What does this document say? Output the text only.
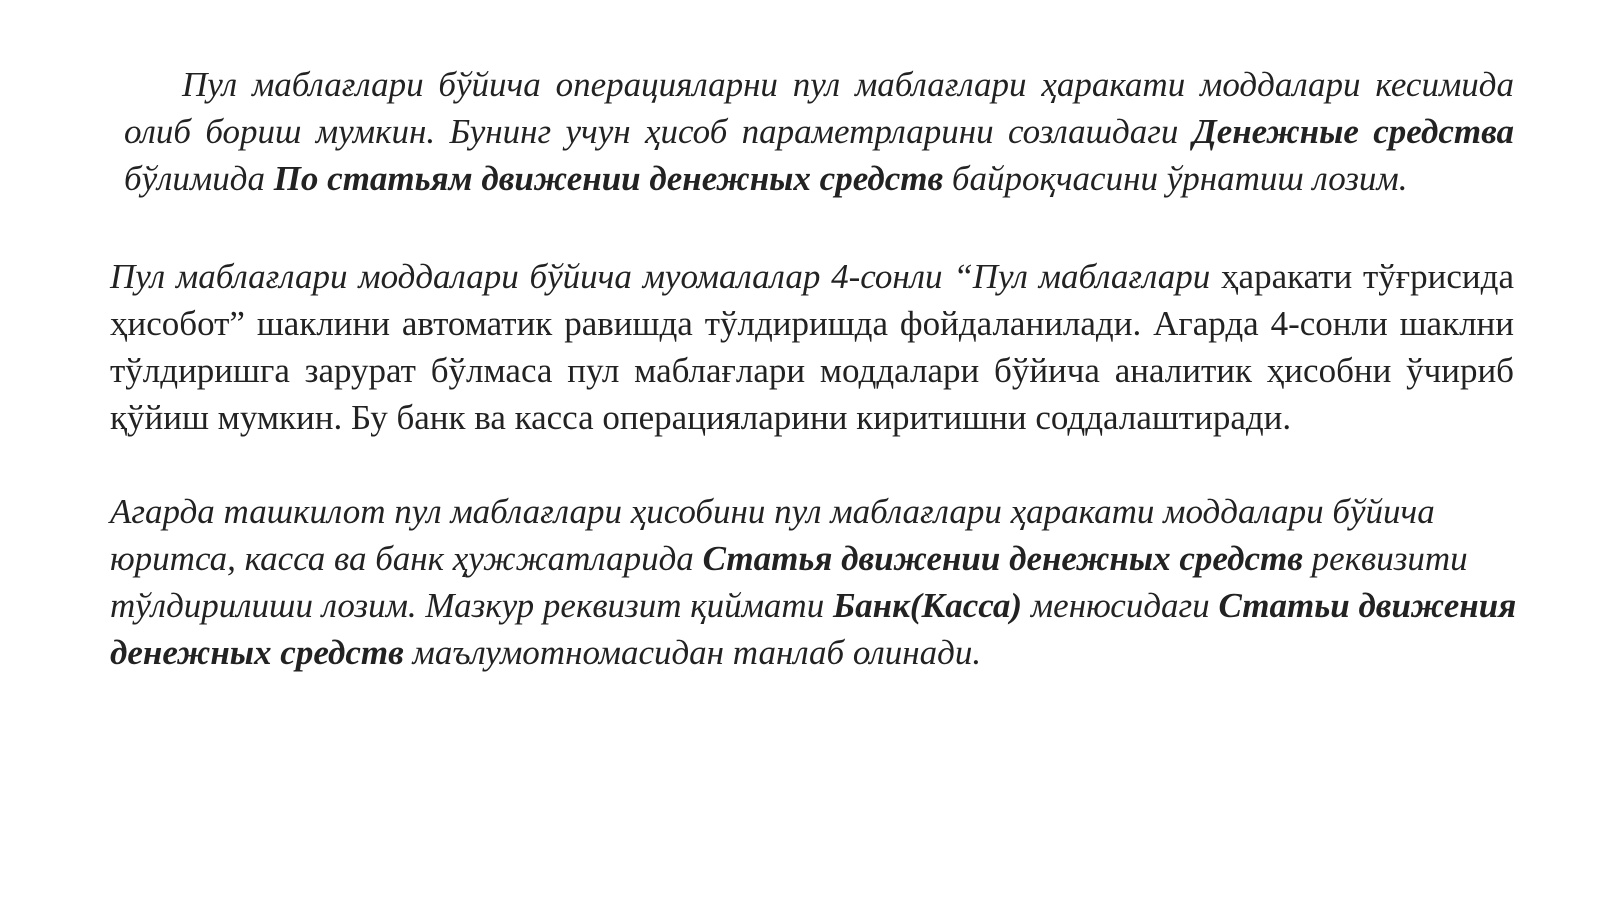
Пул маблағлари бўйича операцияларни пул маблағлари ҳаракати моддалари кесимида олиб бориш мумкин. Бунинг учун ҳисоб параметрларини созлашдаги Денежные средства бўлимида По статьям движении денежных средств байроқчасини ўрнатиш лозим.

Пул маблағлари моддалари бўйича муомалалар 4-сонли “Пул маблағлари ҳаракати тўғрисида ҳисобот” шаклини автоматик равишда тўлдиришда фойдаланилади. Агарда 4-сонли шаклни тўлдиришга зарурат бўлмаса пул маблағлари моддалари бўйича аналитик ҳисобни ўчириб қўйиш мумкин. Бу банк ва касса операцияларини киритишни соддалаштиради.

Агарда ташкилот пул маблағлари ҳисобини пул маблағлари ҳаракати моддалари бўйича юритса, касса ва банк ҳужжатларида Статья движении денежных средств реквизити тўлдирилиши лозим. Мазкур реквизит қиймати Банк(Касса) менюсидаги Статьи движения денежных средств маълумотномасидан танлаб олинади.
